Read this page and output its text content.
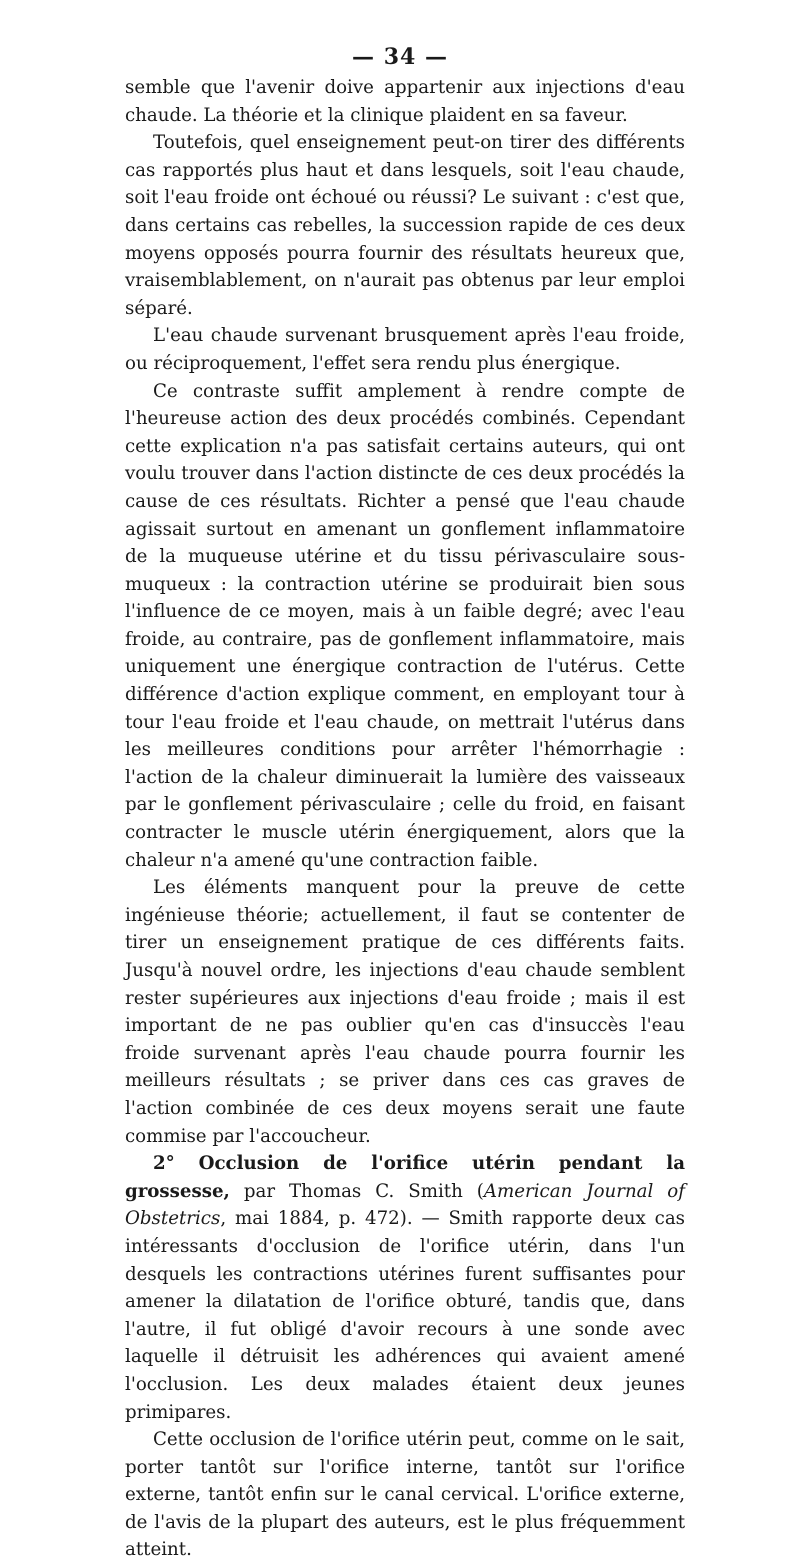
— 34 —

semble que l'avenir doive appartenir aux injections d'eau chaude. La théorie et la clinique plaident en sa faveur.

Toutefois, quel enseignement peut-on tirer des différents cas rapportés plus haut et dans lesquels, soit l'eau chaude, soit l'eau froide ont échoué ou réussi? Le suivant : c'est que, dans certains cas rebelles, la succession rapide de ces deux moyens opposés pourra fournir des résultats heureux que, vraisemblablement, on n'aurait pas obtenus par leur emploi séparé.

L'eau chaude survenant brusquement après l'eau froide, ou réciproquement, l'effet sera rendu plus énergique.

Ce contraste suffit amplement à rendre compte de l'heureuse action des deux procédés combinés. Cependant cette explication n'a pas satisfait certains auteurs, qui ont voulu trouver dans l'action distincte de ces deux procédés la cause de ces résultats. Richter a pensé que l'eau chaude agissait surtout en amenant un gonflement inflammatoire de la muqueuse utérine et du tissu périvasculaire sous-muqueux : la contraction utérine se produirait bien sous l'influence de ce moyen, mais à un faible degré; avec l'eau froide, au contraire, pas de gonflement inflammatoire, mais uniquement une énergique contraction de l'utérus. Cette différence d'action explique comment, en employant tour à tour l'eau froide et l'eau chaude, on mettrait l'utérus dans les meilleures conditions pour arrêter l'hémorrhagie : l'action de la chaleur diminuerait la lumière des vaisseaux par le gonflement périvasculaire ; celle du froid, en faisant contracter le muscle utérin énergiquement, alors que la chaleur n'a amené qu'une contraction faible.

Les éléments manquent pour la preuve de cette ingénieuse théorie; actuellement, il faut se contenter de tirer un enseignement pratique de ces différents faits. Jusqu'à nouvel ordre, les injections d'eau chaude semblent rester supérieures aux injections d'eau froide ; mais il est important de ne pas oublier qu'en cas d'insuccès l'eau froide survenant après l'eau chaude pourra fournir les meilleurs résultats ; se priver dans ces cas graves de l'action combinée de ces deux moyens serait une faute commise par l'accoucheur.

2° Occlusion de l'orifice utérin pendant la grossesse, par Thomas C. Smith (American Journal of Obstetrics, mai 1884, p. 472). — Smith rapporte deux cas intéressants d'occlusion de l'orifice utérin, dans l'un desquels les contractions utérines furent suffisantes pour amener la dilatation de l'orifice obturé, tandis que, dans l'autre, il fut obligé d'avoir recours à une sonde avec laquelle il détruisit les adhérences qui avaient amené l'occlusion. Les deux malades étaient deux jeunes primipares.

Cette occlusion de l'orifice utérin peut, comme on le sait, porter tantôt sur l'orifice interne, tantôt sur l'orifice externe, tantôt enfin sur le canal cervical. L'orifice externe, de l'avis de la plupart des auteurs, est le plus fréquemment atteint.
